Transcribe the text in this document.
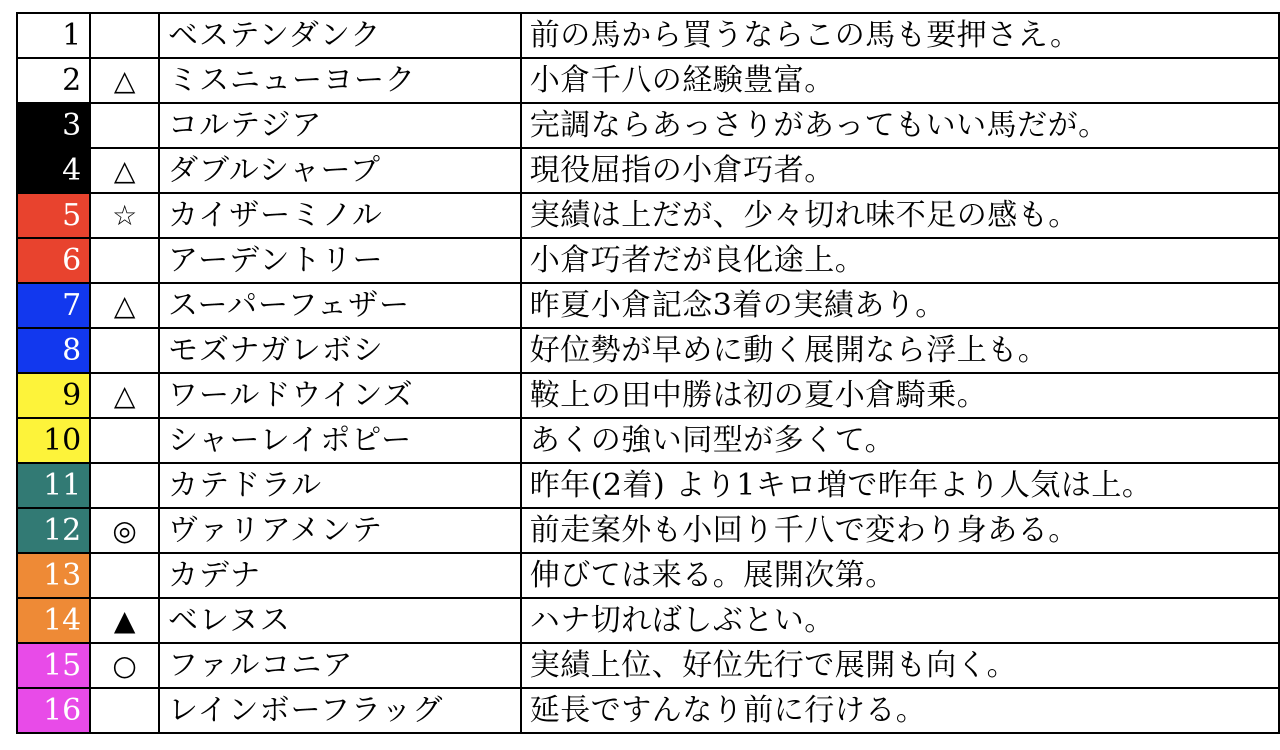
1		ベステンダンク	前の馬から買うならこの馬も要押さえ。
2	△	ミスニューヨーク	小倉千八の経験豊富。
3		コルテジア	完調ならあっさりがあってもいい馬だが。
4	△	ダブルシャープ	現役屈指の小倉巧者。
5	☆	カイザーミノル	実績は上だが、少々切れ味不足の感も。
6		アーデントリー	小倉巧者だが良化途上。
7	△	スーパーフェザー	昨夏小倉記念3着の実績あり。
8		モズナガレボシ	好位勢が早めに動く展開なら浮上も。
9	△	ワールドウインズ	鞍上の田中勝は初の夏小倉騎乗。
10		シャーレイポピー	あくの強い同型が多くて。
11		カテドラル	昨年(2着) より1キロ増で昨年より人気は上。
12	◎	ヴァリアメンテ	前走案外も小回り千八で変わり身ある。
13		カデナ	伸びては来る。展開次第。
14	▲	ベレヌス	ハナ切ればしぶとい。
15	○	ファルコニア	実績上位、好位先行で展開も向く。
16		レインボーフラッグ	延長ですんなり前に行ける。
